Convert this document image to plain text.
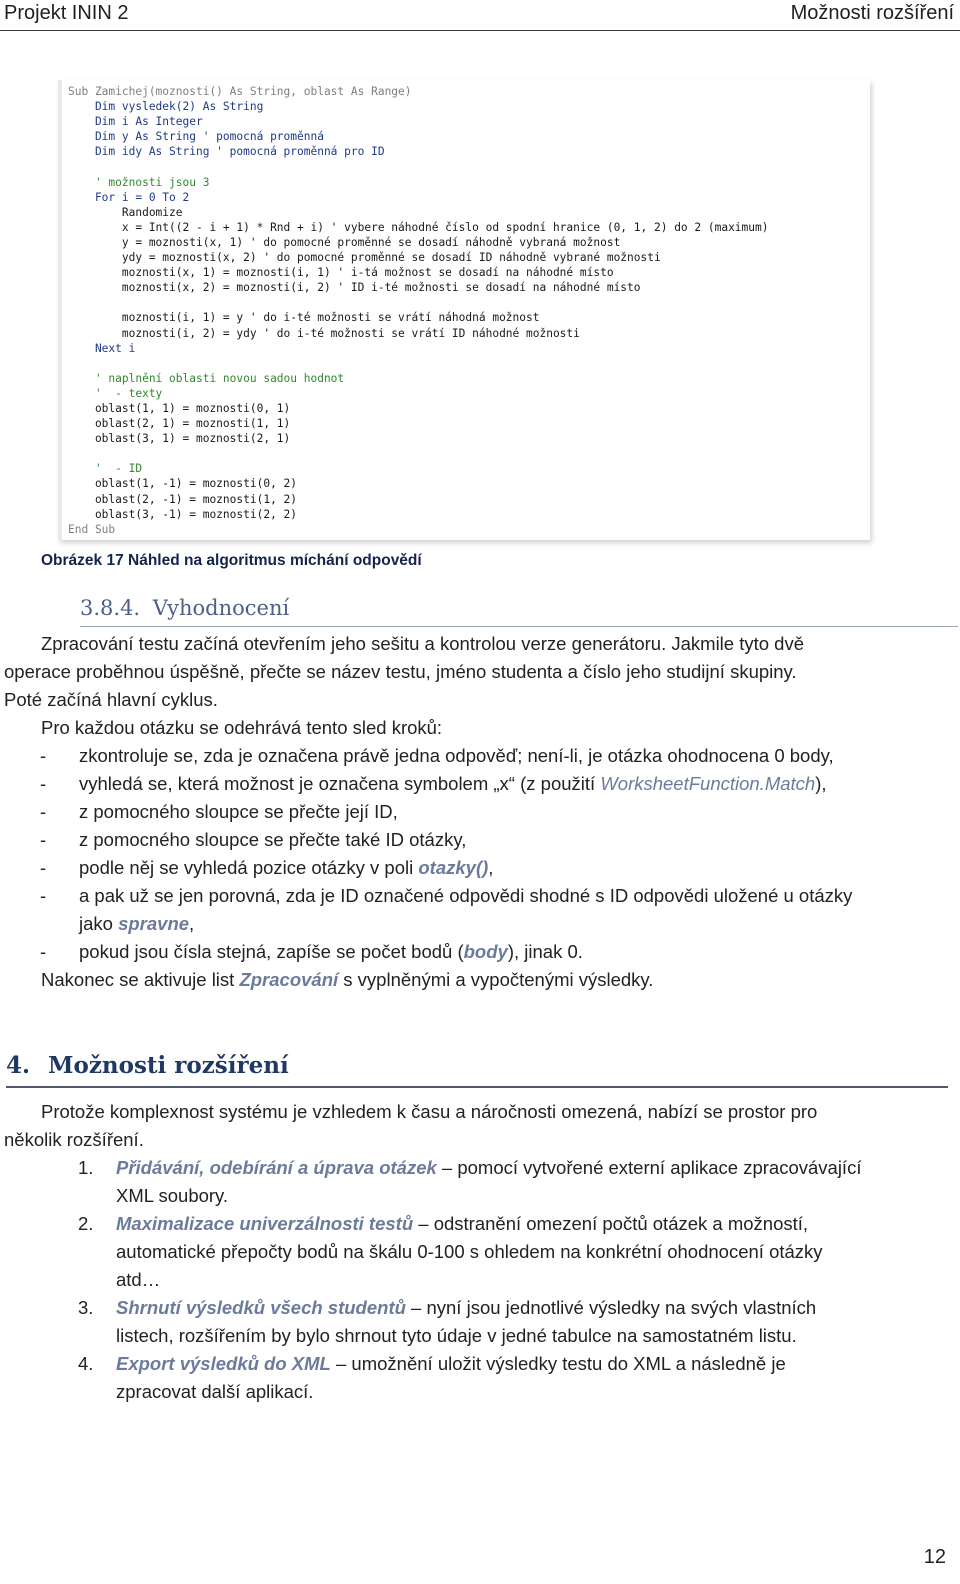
Projekt ININ 2	Možnosti rozšíření
Sub Zamichej(moznosti() As String, oblast As Range)
Dim vysledek(2) As String
Dim i As Integer
Dim y As String ' pomocná proměnná
Dim idy As String ' pomocná proměnná pro ID
' možnosti jsou 3
For i = 0 To 2
Randomize
x = Int((2 - i + 1) * Rnd + i) ' vybere náhodné číslo od spodní hranice (0, 1, 2) do 2 (maximum)
y = moznosti(x, 1) ' do pomocné proměnné se dosadí náhodně vybraná možnost
ydy = moznosti(x, 2) ' do pomocné proměnné se dosadí ID náhodně vybrané možnosti
moznosti(x, 1) = moznosti(i, 1) ' i-tá možnost se dosadí na náhodné místo
moznosti(x, 2) = moznosti(i, 2) ' ID i-té možnosti se dosadí na náhodné místo
moznosti(i, 1) = y ' do i-té možnosti se vrátí náhodná možnost
moznosti(i, 2) = ydy ' do i-té možnosti se vrátí ID náhodné možnosti
Next i
' naplnění oblasti novou sadou hodnot
'  - texty
oblast(1, 1) = moznosti(0, 1)
oblast(2, 1) = moznosti(1, 1)
oblast(3, 1) = moznosti(2, 1)
'  - ID
oblast(1, -1) = moznosti(0, 2)
oblast(2, -1) = moznosti(1, 2)
oblast(3, -1) = moznosti(2, 2)
End Sub
Obrázek 17 Náhled na algoritmus míchání odpovědí
3.8.4. Vyhodnocení
Zpracování testu začíná otevřením jeho sešitu a kontrolou verze generátoru. Jakmile tyto dvě
operace proběhnou úspěšně, přečte se název testu, jméno studenta a číslo jeho studijní skupiny.
Poté začíná hlavní cyklus.
Pro každou otázku se odehrává tento sled kroků:
- zkontroluje se, zda je označena právě jedna odpověď; není-li, je otázka ohodnocena 0 body,
- vyhledá se, která možnost je označena symbolem „x“ (z použití WorksheetFunction.Match),
- z pomocného sloupce se přečte její ID,
- z pomocného sloupce se přečte také ID otázky,
- podle něj se vyhledá pozice otázky v poli otazky(),
- a pak už se jen porovná, zda je ID označené odpovědi shodné s ID odpovědi uložené u otázky
jako spravne,
- pokud jsou čísla stejná, zapíše se počet bodů (body), jinak 0.
Nakonec se aktivuje list Zpracování s vyplněnými a vypočtenými výsledky.
4. Možnosti rozšíření
Protože komplexnost systému je vzhledem k času a náročnosti omezená, nabízí se prostor pro
několik rozšíření.
1. Přidávání, odebírání a úprava otázek – pomocí vytvořené externí aplikace zpracovávající
XML soubory.
2. Maximalizace univerzálnosti testů – odstranění omezení počtů otázek a možností,
automatické přepočty bodů na škálu 0-100 s ohledem na konkrétní ohodnocení otázky
atd…
3. Shrnutí výsledků všech studentů – nyní jsou jednotlivé výsledky na svých vlastních
listech, rozšířením by bylo shrnout tyto údaje v jedné tabulce na samostatném listu.
4. Export výsledků do XML – umožnění uložit výsledky testu do XML a následně je
zpracovat další aplikací.
12
